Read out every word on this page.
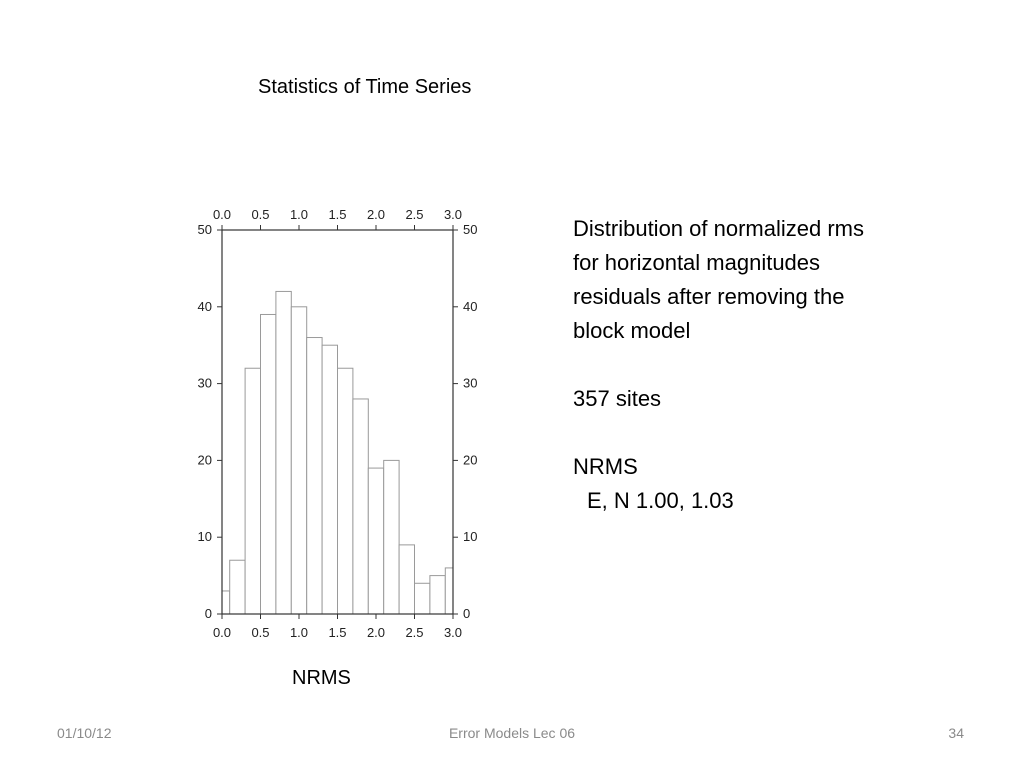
Statistics of Time Series
0.0
0.0
0.5
0.5
1.0
1.0
1.5
1.5
2.0
2.0
2.5
2.5
3.0
3.0
0	0
10	10
20	20
30	30
40	40
50	50
NRMS
Distribution of normalized rms
for horizontal magnitudes
residuals after removing the
block model
357 sites
NRMS
E, N 1.00, 1.03
01/10/12	Error Models Lec 06	34
